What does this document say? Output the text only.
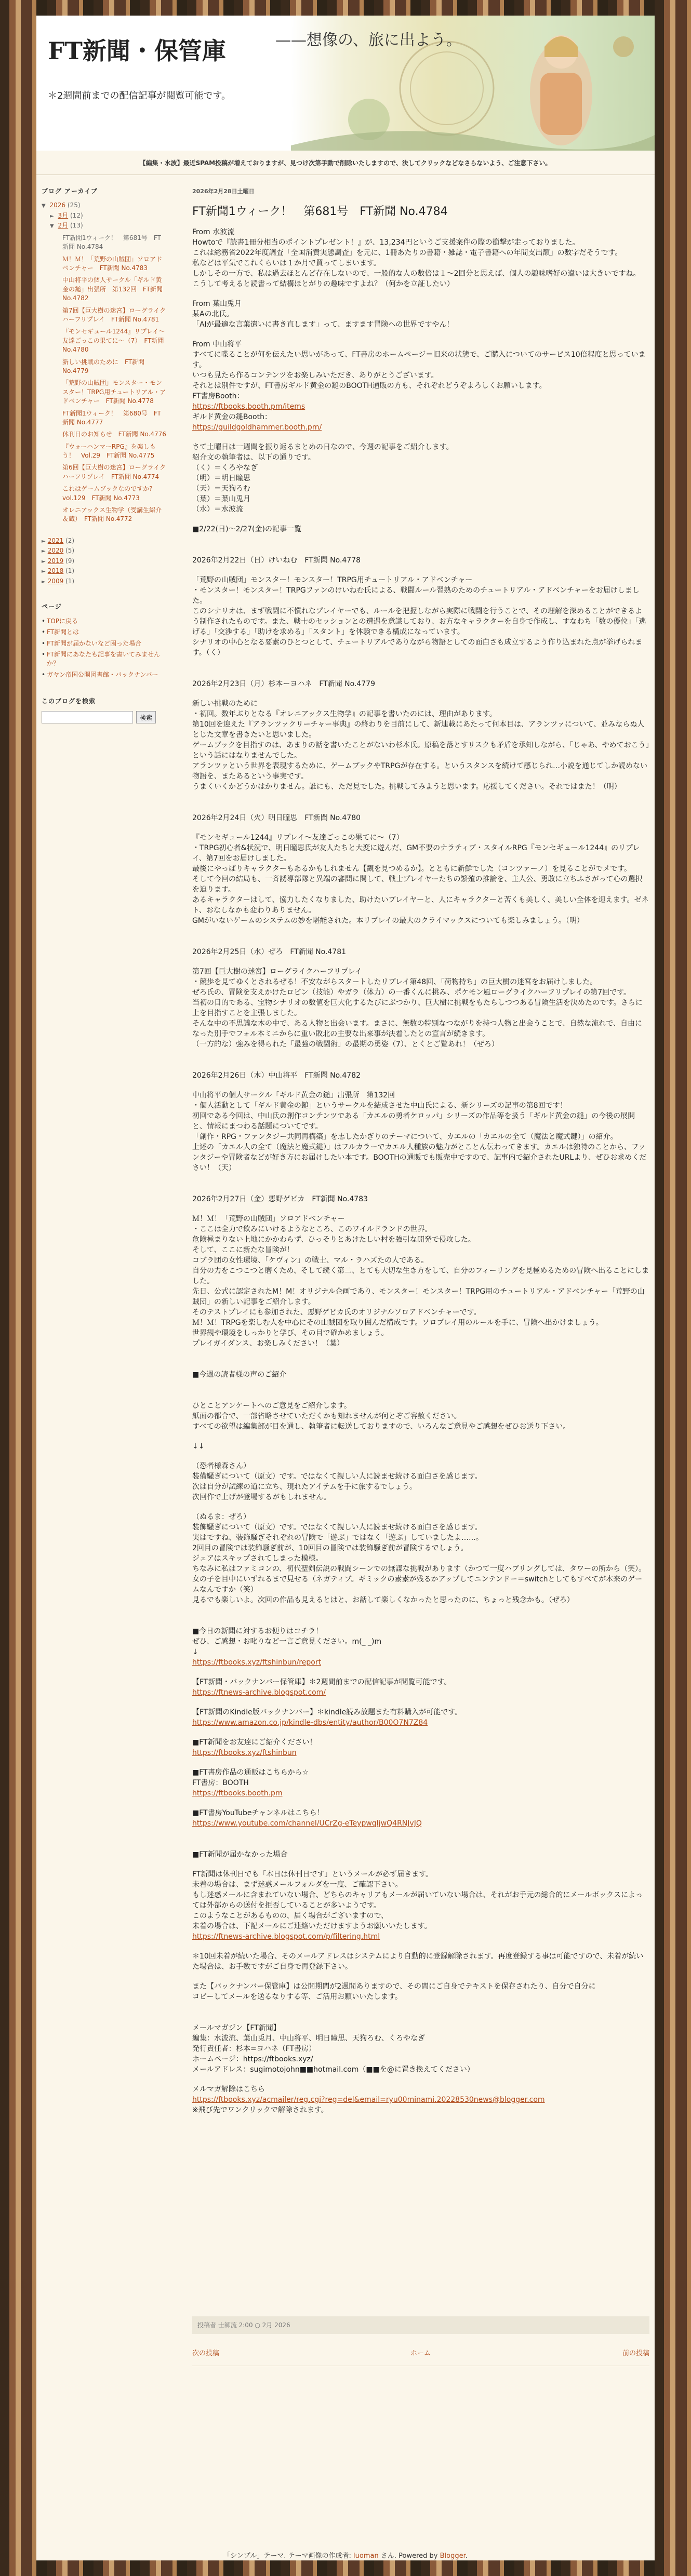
FT新聞・保管庫	——想像の、旅に出よう。
＊2週間前までの配信記事が閲覧可能です。
【編集・水波】最近SPAM投稿が増えておりますが、見つけ次第手動で削除いたしますので、決してクリックなどなさらないよう、ご注意下さい。
ブログ アーカイブ
▼ 2026 (25)
► 3月 (12)
▼ 2月 (13)
FT新聞1ウィーク！　第681号　FT新聞 No.4784
Ｍ！Ｍ！「荒野の山賊団」ソロアドベンチャー　FT新聞 No.4783
中山将平の個人サークル「ギルド黄金の鎚」出張所　第132回　FT新聞 No.4782
第7回【巨大樹の迷宮】ローグライクハーフリプレイ　FT新聞 No.4781
『モンセギュール1244』リプレイ～友達ごっこの果てに～（7）　FT新聞 No.4780
新しい挑戦のために　FT新聞 No.4779
「荒野の山賊団」モンスター・モンスター！TRPG用チュートリアル・アドベンチャー　FT新聞 No.4778
FT新聞1ウィーク！　第680号　FT新聞 No.4777
休刊日のお知らせ　FT新聞 No.4776
『ウォーハンマーRPG』を楽しもう！　Vol.29　FT新聞 No.4775
第6回【巨大樹の迷宮】ローグライクハーフリプレイ　FT新聞 No.4774
これはゲームブックなのですか?　vol.129　FT新聞 No.4773
オレニアックス生物学（受講生紹介＆蔵）　FT新聞 No.4772
► 2021 (2)
► 2020 (5)
► 2019 (9)
► 2018 (1)
► 2009 (1)
ページ
• TOPに戻る
• FT新聞とは
• FT新聞が届かないなど困った場合
• FT新聞にあなたも記事を書いてみませんか？
• ガヤン帝国公開図書館・バックナンバー
このブログを検索
検索
2026年2月28日土曜日
FT新聞1ウィーク！　第681号　FT新聞 No.4784

From 水波流

Howtoで『読書1冊分相当のポイントプレゼント！』が、13,234円というご支援案件の際の衝撃が走っておりました。

これは総務省2022年度調査「全国消費実態調査」を元に、1冊あたりの書籍・雑誌・電子書籍への年間支出額」の数字だそうです。

私などは平気でこれくらいは１か月で買ってしまいます。

しかしその一方で、私は過去ほとんど存在しないので、一般的な人の数倍は１〜2回分と思えば、個人の趣味嗜好の違いは大きいですね。

こうして考えると読書って結構ほとがりの趣味ですよね？（何かを立証したい）

From 葉山兎月

某Aの北氏。

「AIが最適な言葉遣いに書き直します」って、ますます冒険への世界ですやん！

From 中山将平

すべてに喋ることが何を伝えたい思いがあって、FT書房のホームページ＝旧来の状態で、ご購入についてのサービス10倍程度と思っています。

いつも見たら作るコンテンツをお楽しみいただき、ありがとうございます。

それとは別件ですが、FT書房ギルド黄金の鎚のBOOTH通販の方も、それぞれどうぞよろしくお願いします。

FT書房Booth：

https://ftbooks.booth.pm/items

ギルド黄金の鎚Booth：

https://guildgoldhammer.booth.pm/

さて土曜日は一週間を振り返るまとめの日なので、今週の記事をご紹介します。

紹介文の執筆者は、以下の通りです。

（く）＝くろやなぎ

（明）＝明日瞳思

（天）＝天狗ろむ

（葉）＝葉山兎月

（水）＝水波流

■2/22(日)～2/27(金)の記事一覧

2026年2月22日（日）けいねむ　FT新聞 No.4778

「荒野の山賊団」モンスター！モンスター！TRPG用チュートリアル・アドベンチャー

・モンスター！モンスター！TRPGファンのけいねむ氏による、戦闘ルール習熟のためのチュートリアル・アドベンチャーをお届けしました。

このシナリオは、まず戦闘に不慣れなプレイヤーでも、ルールを把握しながら実際に戦闘を行うことで、その理解を深めることができるよう制作されたものです。また、戦士のセッションとの遭遇を意識しており、お方なキャラクターを自身で作成し、すなわち「数の優位」「逃げる」「交渉する」「助けを求める」「スタント」を体験できる構成になっています。

シナリオの中心となる要素のひとつとして、チュートリアルでありながら物語としての面白さも成立するよう作り込まれた点が挙げられます。（く）

2026年2月23日（月）杉本ーヨハネ　FT新聞 No.4779

新しい挑戦のために

・初回。数年ぶりとなる『オレニアックス生物学』の記事を書いたのには、理由があります。

第10回を迎えた『アランツァクリーチャー事典』の終わりを目前にして、新連載にあたって何本目は、アランツァについて、並みならぬ人とじた文章を書きたいと思いました。

ゲームブックを目指すのは、あまりの話を書いたことがないわ杉本氏。原稿を落とすリスクも矛盾を承知しながら、「じゃあ、やめておこう」という話にはなりませんでした。

アランツァという世界を表現するために、ゲームブックやTRPGが存在する。というスタンスを続けて感じられ…小説を通じてしか読めない物語を、またあるという事実です。

うまくいくかどうかはかりません。誰にも、ただ見でした。挑戦してみようと思います。応援してください。それではまた！（明）

2026年2月24日（火）明日瞳思　FT新聞 No.4780

『モンセギュール1244』リプレイ～友達ごっこの果てに～（7）

・TRPG初心者&状況で、明日瞳思氏が友人たちと大変に遊んだ、GM不要のナラティブ・スタイルRPG『モンセギュール1244』のリプレイ、第7回をお届けしました。

最後にやっぱりキャラクターもあるかもしれません【観を見つめるか】。とともに新鮮でした（コンツァーノ）を見ることがでメです。

そして今回の結局も、一斉誘導部隊と異端の審問に関して、戦士プレイヤーたちの繁殖の推論を、主人公、勇敢に立ちふさがって心の選択を迫ります。

あるキャラクターはして、協力したくなりました、助けたいプレイヤーと、人にキャラクターと苦くも美しく、美しい全体を迎えます。ゼネト、おなしなかも変わりありません。

GMがいないゲームのシステムの妙を堪能された。本リプレイの最大のクライマックスについても楽しみましょう。（明）

2026年2月25日（水）ぜろ　FT新聞 No.4781

第7回【巨大樹の迷宮】ローグライクハーフリプレイ

・競歩を見てゆくとされるぜる！不安ながらスタートしたリプレイ第48回、「荷物持ち」の巨大樹の迷宮をお届けしました。

ぜろ氏の、冒険を支えかけたロビン（技能）やガラ（体力）の一番くんに挑み、ポケモン風ローグライクハーフリプレイの第7回です。

当初の目的である、宝物シナリオの数値を巨大化するたびにぶつかり、巨大樹に挑戦をもたらしつつある冒険生活を決めたのです。さらに上を目指すことを主張しました。

そんな中の不思議な木の中で、ある人物と出会います。まさに、無数の特別なつながりを持つ人物と出会うことで、自然な流れで、自由になった別手でフォル本ミニからに重い敗北の主要な出来事が決着したとの宣言が続きます。

（一方的な）強みを得られた「最強の戦闘術」の最期の勇姿（7）、とくとご覧あれ！（ぜろ）

2026年2月26日（木）中山将平　FT新聞 No.4782

中山将平の個人サークル「ギルド黄金の鎚」出張所　第132回

・個人活動として「ギルド黄金の鎚」というサークルを結成させた中山氏による、新シリーズの記事の第8回です！

初回である今回は、中山氏の創作コンテンツである「カエルの勇者ケロッパ」シリーズの作品等を扱う「ギルド黄金の鎚」の今後の展開と、情報にまつわる話題についてです。

「創作・RPG・ファンタジー共同再構築」を志したかぎりのテーマについて、カエルの「カエルの全て（魔法と魔式鍵）」の紹介。

上述の「カエル人の全て（魔法と魔式鍵）」はフルカラーでカエル人種族の魅力がとことん伝わってきます。カエルは独特のことから、ファンタジーや冒険者などが好き方にお届けしたい本です。BOOTHの通販でも販売中ですので、記事内で紹介されたURLより、ぜひお求めください！（天）

2026年2月27日（金）悪野ゲビカ　FT新聞 No.4783

Ｍ！Ｍ！「荒野の山賊団」ソロアドベンチャー

・ここは全力で飲みにいけるようなところ、このワイルドランドの世界。

危険極まりない上地にかかわらず、ひっそりとあけたしい村を強引な開発で侵攻した。

そして、ここに新たな冒険が！

コブラ団の女性環境、「ケヴィン」の戦士、マル・ラハズたの人である。

自分の力をこつこつと磨くため、そして続く第二、とても大切な生き方をして、自分のフィーリングを見極めるための冒険へ出ることにしました。

先日、公式に認定されたM！M！オリジナル企画であり、モンスター！モンスター！TRPG用のチュートリアル・アドベンチャー「荒野の山賊団」の新しい記事をご紹介します。

そのテストプレイにも参加された、悪野ゲビカ氏のオリジナルソロアドベンチャーです。

Ｍ！Ｍ！TRPGを楽しむ人を中心にその山賊団を取り囲んだ構成です。ソロプレイ用のルールを手に、冒険へ出かけましょう。

世界観や環境をしっかりと学び、その目で確かめましょう。

プレイガイダンス、お楽しみください！（葉）

■今週の読者様の声のご紹介

ひとことアンケートへのご意見をご紹介します。

紙面の都合で、一部省略させていただくかも知れませんが何とぞご容赦ください。

すべての欲望は編集部が目を通し、執筆者に転送しておりますので、いろんなご意見やご感想をぜひお送り下さい。

↓↓

（恐者様森さん）

装備騒ぎについて（原文）です。ではなくて親しい人に読ませ続ける面白さを感じます。

次は自分が試練の道に立ち、現れたアイテムを手に旅するでしょう。

次回作で上げが登場するがもしれません。

（ぬるま：ぜろ）

装飾騒ぎについて（原文）です。ではなくて親しい人に読ませ続ける面白さを感じます。

実はですね、装飾騒ぎそれぞれの冒険で「遊ぶ」ではなく「遊ぶ」していましたよ……。

2回目の冒険では装飾騒ぎ前が、10回目の冒険では装飾騒ぎ前が冒険するでしょう。

ジェアはスキップされてしまった模様。

ちなみに私はファミコンの、初代聖剣伝説の戦闘シーンでの無謀な挑戦があります（かつて一度ハブリングしては、タワーの所から（笑）。

女の子を目中にいずれるまで見せる（ネガティブ。ギミックの素素が残るかアップしてニンテンドー＝switchとしてもすべてが本来のゲームなんですか（笑）

見るでも楽しいよ。次回の作品も見えるとはと、お話して楽しくなかったと思ったのに、ちょっと残念かも。（ぜろ）

■今日の新聞に対するお便りはコチラ！

ぜひ、ご感想・お叱りなど一言ご意見ください。m(_ _)m

↓

https://ftbooks.xyz/ftshinbun/report

【FT新聞・バックナンバー保管庫】＊2週間前までの配信記事が閲覧可能です。

https://ftnews-archive.blogspot.com/

【FT新聞のKindle版バックナンバー】＊kindle読み放題また有料購入が可能です。

https://www.amazon.co.jp/kindle-dbs/entity/author/B00O7N7Z84

■FT新聞をお友達にご紹介ください！

https://ftbooks.xyz/ftshinbun

■FT書房作品の通販はこちらから☆

FT書房：BOOTH

https://ftbooks.booth.pm

■FT書房YouTubeチャンネルはこちら！

https://www.youtube.com/channel/UCrZg-eTeypwqIjwQ4RNJvJQ

■FT新聞が届かなかった場合

FT新聞は休刊日でも「本日は休刊日です」というメールが必ず届きます。

未着の場合は、まず迷惑メールフォルダを一度、ご確認下さい。

もし迷惑メールに含まれていない場合、どちらのキャリアもメールが届いていない場合は、それがお手元の総合的にメールボックスによっては外部からの送付を拒否していることが多いようです。

このようなことがあるものの、届く場合がございますので、

未着の場合は、下記メールにご連絡いただけますようお願いいたします。

https://ftnews-archive.blogspot.com/p/filtering.html

＊10回未着が続いた場合、そのメールアドレスはシステムにより自動的に登録解除されます。再度登録する事は可能ですので、未着が続いた場合は、お手数ですがご自身で再登録下さい。

また【バックナンバー保管庫】は公開期間が2週間ありますので、その間にご自身でテキストを保存されたり、自分で自分に

コピーしてメールを送るなりする等、ご活用お願いいたします。

メールマガジン【FT新聞】

編集：水波流、葉山兎月、中山将平、明日瞳思、天狗ろむ、くろやなぎ

発行責任者：杉本=ヨハネ（FT書房）

ホームページ：https://ftbooks.xyz/

メールアドレス：sugimotojohn■■hotmail.com（■■を@に置き換えてください）

メルマガ解除はこちら

https://ftbooks.xyz/acmailer/reg.cgi?reg=del&email=ryu00minami.20228530news@blogger.com

※飛び先でワンクリックで解除されます。

投稿者 士師流 2:00 ○ 2月 2026
次の投稿	ホーム	前の投稿
「シンプル」テーマ. テーマ画像の作成者: luoman さん. Powered by Blogger.
